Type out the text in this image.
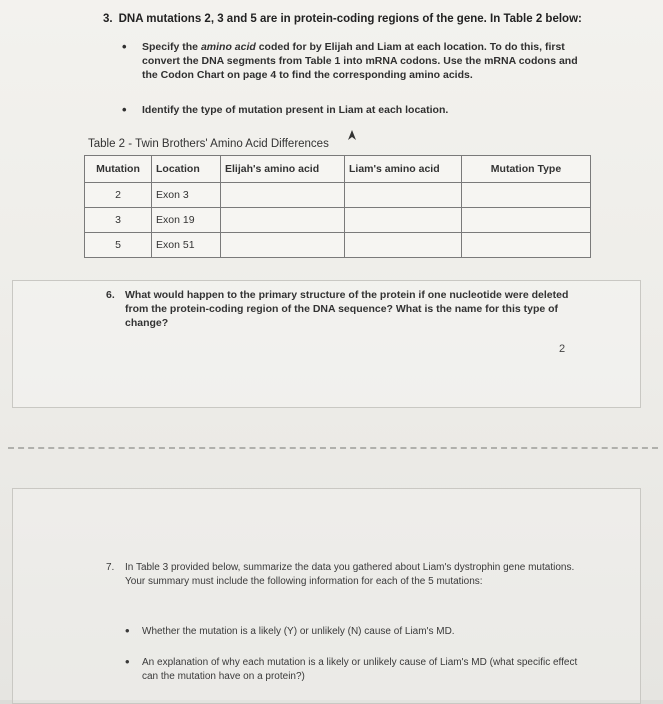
3. DNA mutations 2, 3 and 5 are in protein-coding regions of the gene. In Table 2 below:
• Specify the amino acid coded for by Elijah and Liam at each location. To do this, first convert the DNA segments from Table 1 into mRNA codons. Use the mRNA codons and the Codon Chart on page 4 to find the corresponding amino acids.
• Identify the type of mutation present in Liam at each location.
Table 2 - Twin Brothers' Amino Acid Differences
Mutation	Location	Elijah's amino acid	Liam's amino acid	Mutation Type
2	Exon 3			
3	Exon 19			
5	Exon 51			
6. What would happen to the primary structure of the protein if one nucleotide were deleted from the protein-coding region of the DNA sequence? What is the name for this type of change?
2
7. In Table 3 provided below, summarize the data you gathered about Liam's dystrophin gene mutations. Your summary must include the following information for each of the 5 mutations:
• Whether the mutation is a likely (Y) or unlikely (N) cause of Liam's MD.
• An explanation of why each mutation is a likely or unlikely cause of Liam's MD (what specific effect can the mutation have on a protein?)
